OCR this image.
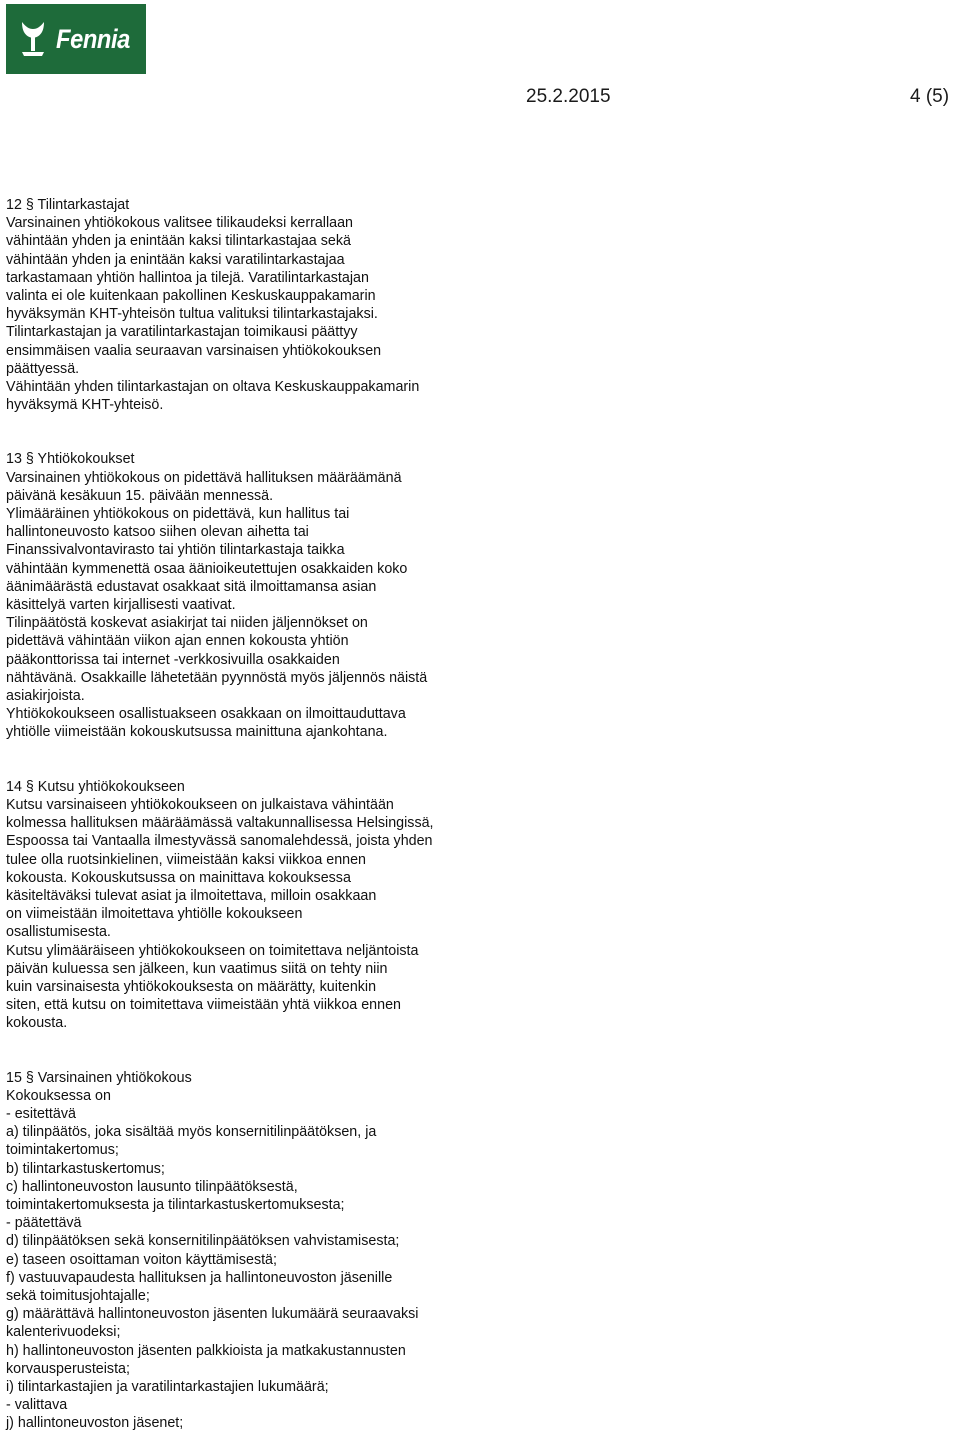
Fennia
25.2.2015	4 (5)

12 § Tilintarkastajat

Varsinainen yhtiökokous valitsee tilikaudeksi kerrallaan

vähintään yhden ja enintään kaksi tilintarkastajaa sekä

vähintään yhden ja enintään kaksi varatilintarkastajaa

tarkastamaan yhtiön hallintoa ja tilejä. Varatilintarkastajan

valinta ei ole kuitenkaan pakollinen Keskuskauppakamarin

hyväksymän KHT-yhteisön tultua valituksi tilintarkastajaksi.

Tilintarkastajan ja varatilintarkastajan toimikausi päättyy

ensimmäisen vaalia seuraavan varsinaisen yhtiökokouksen

päättyessä.

Vähintään yhden tilintarkastajan on oltava Keskuskauppakamarin

hyväksymä KHT-yhteisö.

13 § Yhtiökokoukset

Varsinainen yhtiökokous on pidettävä hallituksen määräämänä

päivänä kesäkuun 15. päivään mennessä.

Ylimääräinen yhtiökokous on pidettävä, kun hallitus tai

hallintoneuvosto katsoo siihen olevan aihetta tai

Finanssivalvontavirasto tai yhtiön tilintarkastaja taikka

vähintään kymmenettä osaa äänioikeutettujen osakkaiden koko

äänimäärästä edustavat osakkaat sitä ilmoittamansa asian

käsittelyä varten kirjallisesti vaativat.

Tilinpäätöstä koskevat asiakirjat tai niiden jäljennökset on

pidettävä vähintään viikon ajan ennen kokousta yhtiön

pääkonttorissa tai internet -verkkosivuilla osakkaiden

nähtävänä. Osakkaille lähetetään pyynnöstä myös jäljennös näistä

asiakirjoista.

Yhtiökokoukseen osallistuakseen osakkaan on ilmoittauduttava

yhtiölle viimeistään kokouskutsussa mainittuna ajankohtana.

14 § Kutsu yhtiökokoukseen

Kutsu varsinaiseen yhtiökokoukseen on julkaistava vähintään

kolmessa hallituksen määräämässä valtakunnallisessa Helsingissä,

Espoossa tai Vantaalla ilmestyvässä sanomalehdessä, joista yhden

tulee olla ruotsinkielinen, viimeistään kaksi viikkoa ennen

kokousta. Kokouskutsussa on mainittava kokouksessa

käsiteltäväksi tulevat asiat ja ilmoitettava, milloin osakkaan

on viimeistään ilmoitettava yhtiölle kokoukseen

osallistumisesta.

Kutsu ylimääräiseen yhtiökokoukseen on toimitettava neljäntoista

päivän kuluessa sen jälkeen, kun vaatimus siitä on tehty niin

kuin varsinaisesta yhtiökokouksesta on määrätty, kuitenkin

siten, että kutsu on toimitettava viimeistään yhtä viikkoa ennen

kokousta.

15 § Varsinainen yhtiökokous

Kokouksessa on

- esitettävä

a) tilinpäätös, joka sisältää myös konsernitilinpäätöksen, ja

toimintakertomus;

b) tilintarkastuskertomus;

c) hallintoneuvoston lausunto tilinpäätöksestä,

toimintakertomuksesta ja tilintarkastuskertomuksesta;

- päätettävä

d) tilinpäätöksen sekä konsernitilinpäätöksen vahvistamisesta;

e) taseen osoittaman voiton käyttämisestä;

f) vastuuvapaudesta hallituksen ja hallintoneuvoston jäsenille

sekä toimitusjohtajalle;

g) määrättävä hallintoneuvoston jäsenten lukumäärä seuraavaksi

kalenterivuodeksi;

h) hallintoneuvoston jäsenten palkkioista ja matkakustannusten

korvausperusteista;

i) tilintarkastajien ja varatilintarkastajien lukumäärä;

- valittava

j) hallintoneuvoston jäsenet;
